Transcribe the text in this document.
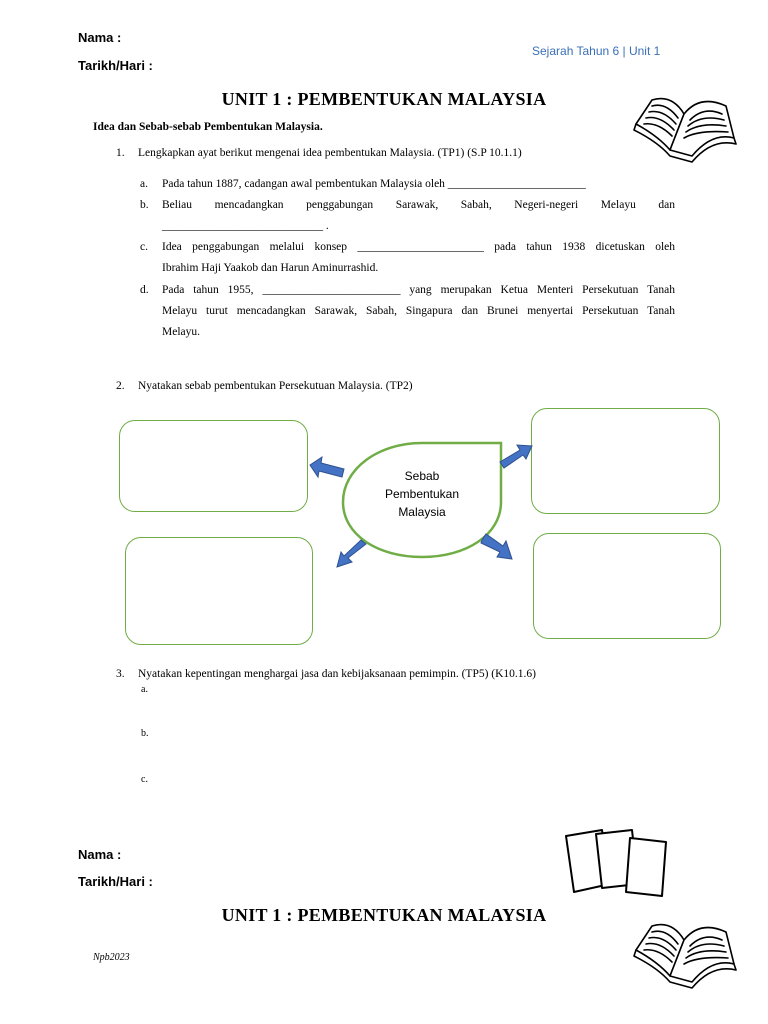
Nama :
Tarikh/Hari :
Sejarah Tahun 6 | Unit 1
UNIT 1 : PEMBENTUKAN MALAYSIA
Idea dan Sebab-sebab Pembentukan Malaysia.
1. Lengkapkan ayat berikut mengenai idea pembentukan Malaysia. (TP1) (S.P 10.1.1)
a. Pada tahun 1887, cadangan awal pembentukan Malaysia oleh ________________________
b. Beliau mencadangkan penggabungan Sarawak, Sabah, Negeri-negeri Melayu dan
____________________________ .
c. Idea penggabungan melalui konsep ______________________ pada tahun 1938 dicetuskan oleh
Ibrahim Haji Yaakob dan Harun Aminurrashid.
d. Pada tahun 1955, ________________________ yang merupakan Ketua Menteri Persekutuan Tanah
Melayu turut mencadangkan Sarawak, Sabah, Singapura dan Brunei menyertai Persekutuan Tanah
Melayu.
2. Nyatakan sebab pembentukan Persekutuan Malaysia. (TP2)
Sebab
Pembentukan
Malaysia
3. Nyatakan kepentingan menghargai jasa dan kebijaksanaan pemimpin. (TP5) (K10.1.6)
a.
b.
c.
Nama :
Tarikh/Hari :
UNIT 1 : PEMBENTUKAN MALAYSIA
Npb2023
